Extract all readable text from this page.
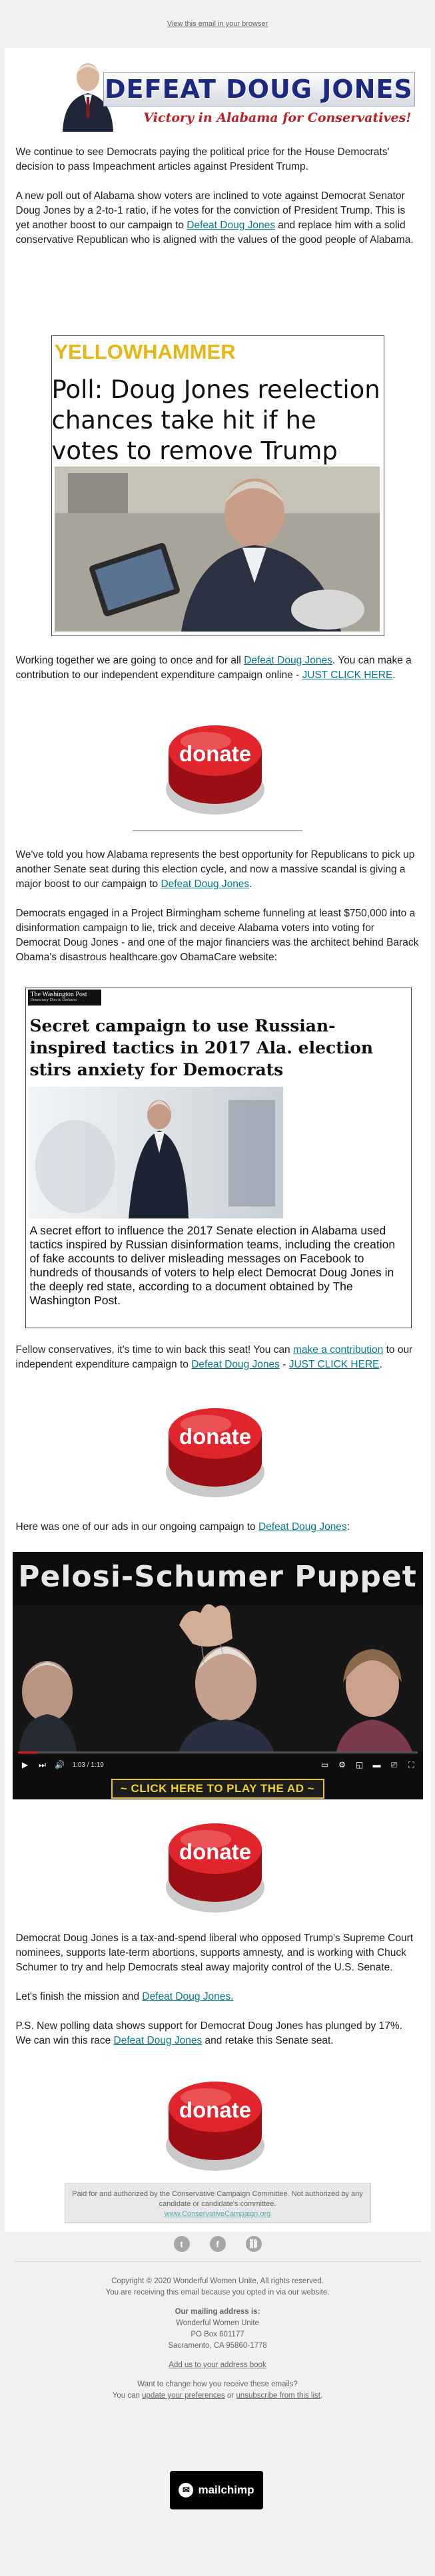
View this email in your browser
DEFEAT DOUG JONES
Victory in Alabama for Conservatives!

We continue to see Democrats paying the political price for the House Democrats' decision to pass Impeachment articles against President Trump.

A new poll out of Alabama show voters are inclined to vote against Democrat Senator Doug Jones by a 2-to-1 ratio, if he votes for the conviction of President Trump. This is yet another boost to our campaign to Defeat Doug Jones and replace him with a solid conservative Republican who is aligned with the values of the good people of Alabama.

YELLOWHAMMER
Poll: Doug Jones reelection chances take hit if he votes to remove Trump

Working together we are going to once and for all Defeat Doug Jones. You can make a contribution to our independent expenditure campaign online - JUST CLICK HERE.

donate

We've told you how Alabama represents the best opportunity for Republicans to pick up another Senate seat during this election cycle, and now a massive scandal is giving a major boost to our campaign to Defeat Doug Jones.

Democrats engaged in a Project Birmingham scheme funneling at least $750,000 into a disinformation campaign to lie, trick and deceive Alabama voters into voting for Democrat Doug Jones - and one of the major financiers was the architect behind Barack Obama's disastrous healthcare.gov ObamaCare website:

The Washington Post
Democracy Dies in Darkness
Secret campaign to use Russian-inspired tactics in 2017 Ala. election stirs anxiety for Democrats
A secret effort to influence the 2017 Senate election in Alabama used tactics inspired by Russian disinformation teams, including the creation of fake accounts to deliver misleading messages on Facebook to hundreds of thousands of voters to help elect Democrat Doug Jones in the deeply red state, according to a document obtained by The Washington Post.

Fellow conservatives, it's time to win back this seat! You can make a contribution to our independent expenditure campaign to Defeat Doug Jones - JUST CLICK HERE.

donate

Here was one of our ads in our ongoing campaign to Defeat Doug Jones:

Pelosi-Schumer Puppet
▶ ⏭ 🔊 1:03 / 1:19	▭ ⚙ ◱ ▬ ⎚ ⛶
~ CLICK HERE TO PLAY THE AD ~
donate

Democrat Doug Jones is a tax-and-spend liberal who opposed Trump's Supreme Court nominees, supports late-term abortions, supports amnesty, and is working with Chuck Schumer to try and help Democrats steal away majority control of the U.S. Senate.

Let's finish the mission and Defeat Doug Jones.

P.S. New polling data shows support for Democrat Doug Jones has plunged by 17%. We can win this race Defeat Doug Jones and retake this Senate seat.

donate
Paid for and authorized by the Conservative Campaign Committee. Not authorized by any candidate or candidate's committee.
www.ConservativeCampaign.org
t	f	⛓
Copyright © 2020 Wonderful Women Unite, All rights reserved.
You are receiving this email because you opted in via our website.
Our mailing address is:
Wonderful Women Unite
PO Box 601177
Sacramento, CA 95860-1778
Add us to your address book
Want to change how you receive these emails?
You can update your preferences or unsubscribe from this list.
✉ mailchimp
